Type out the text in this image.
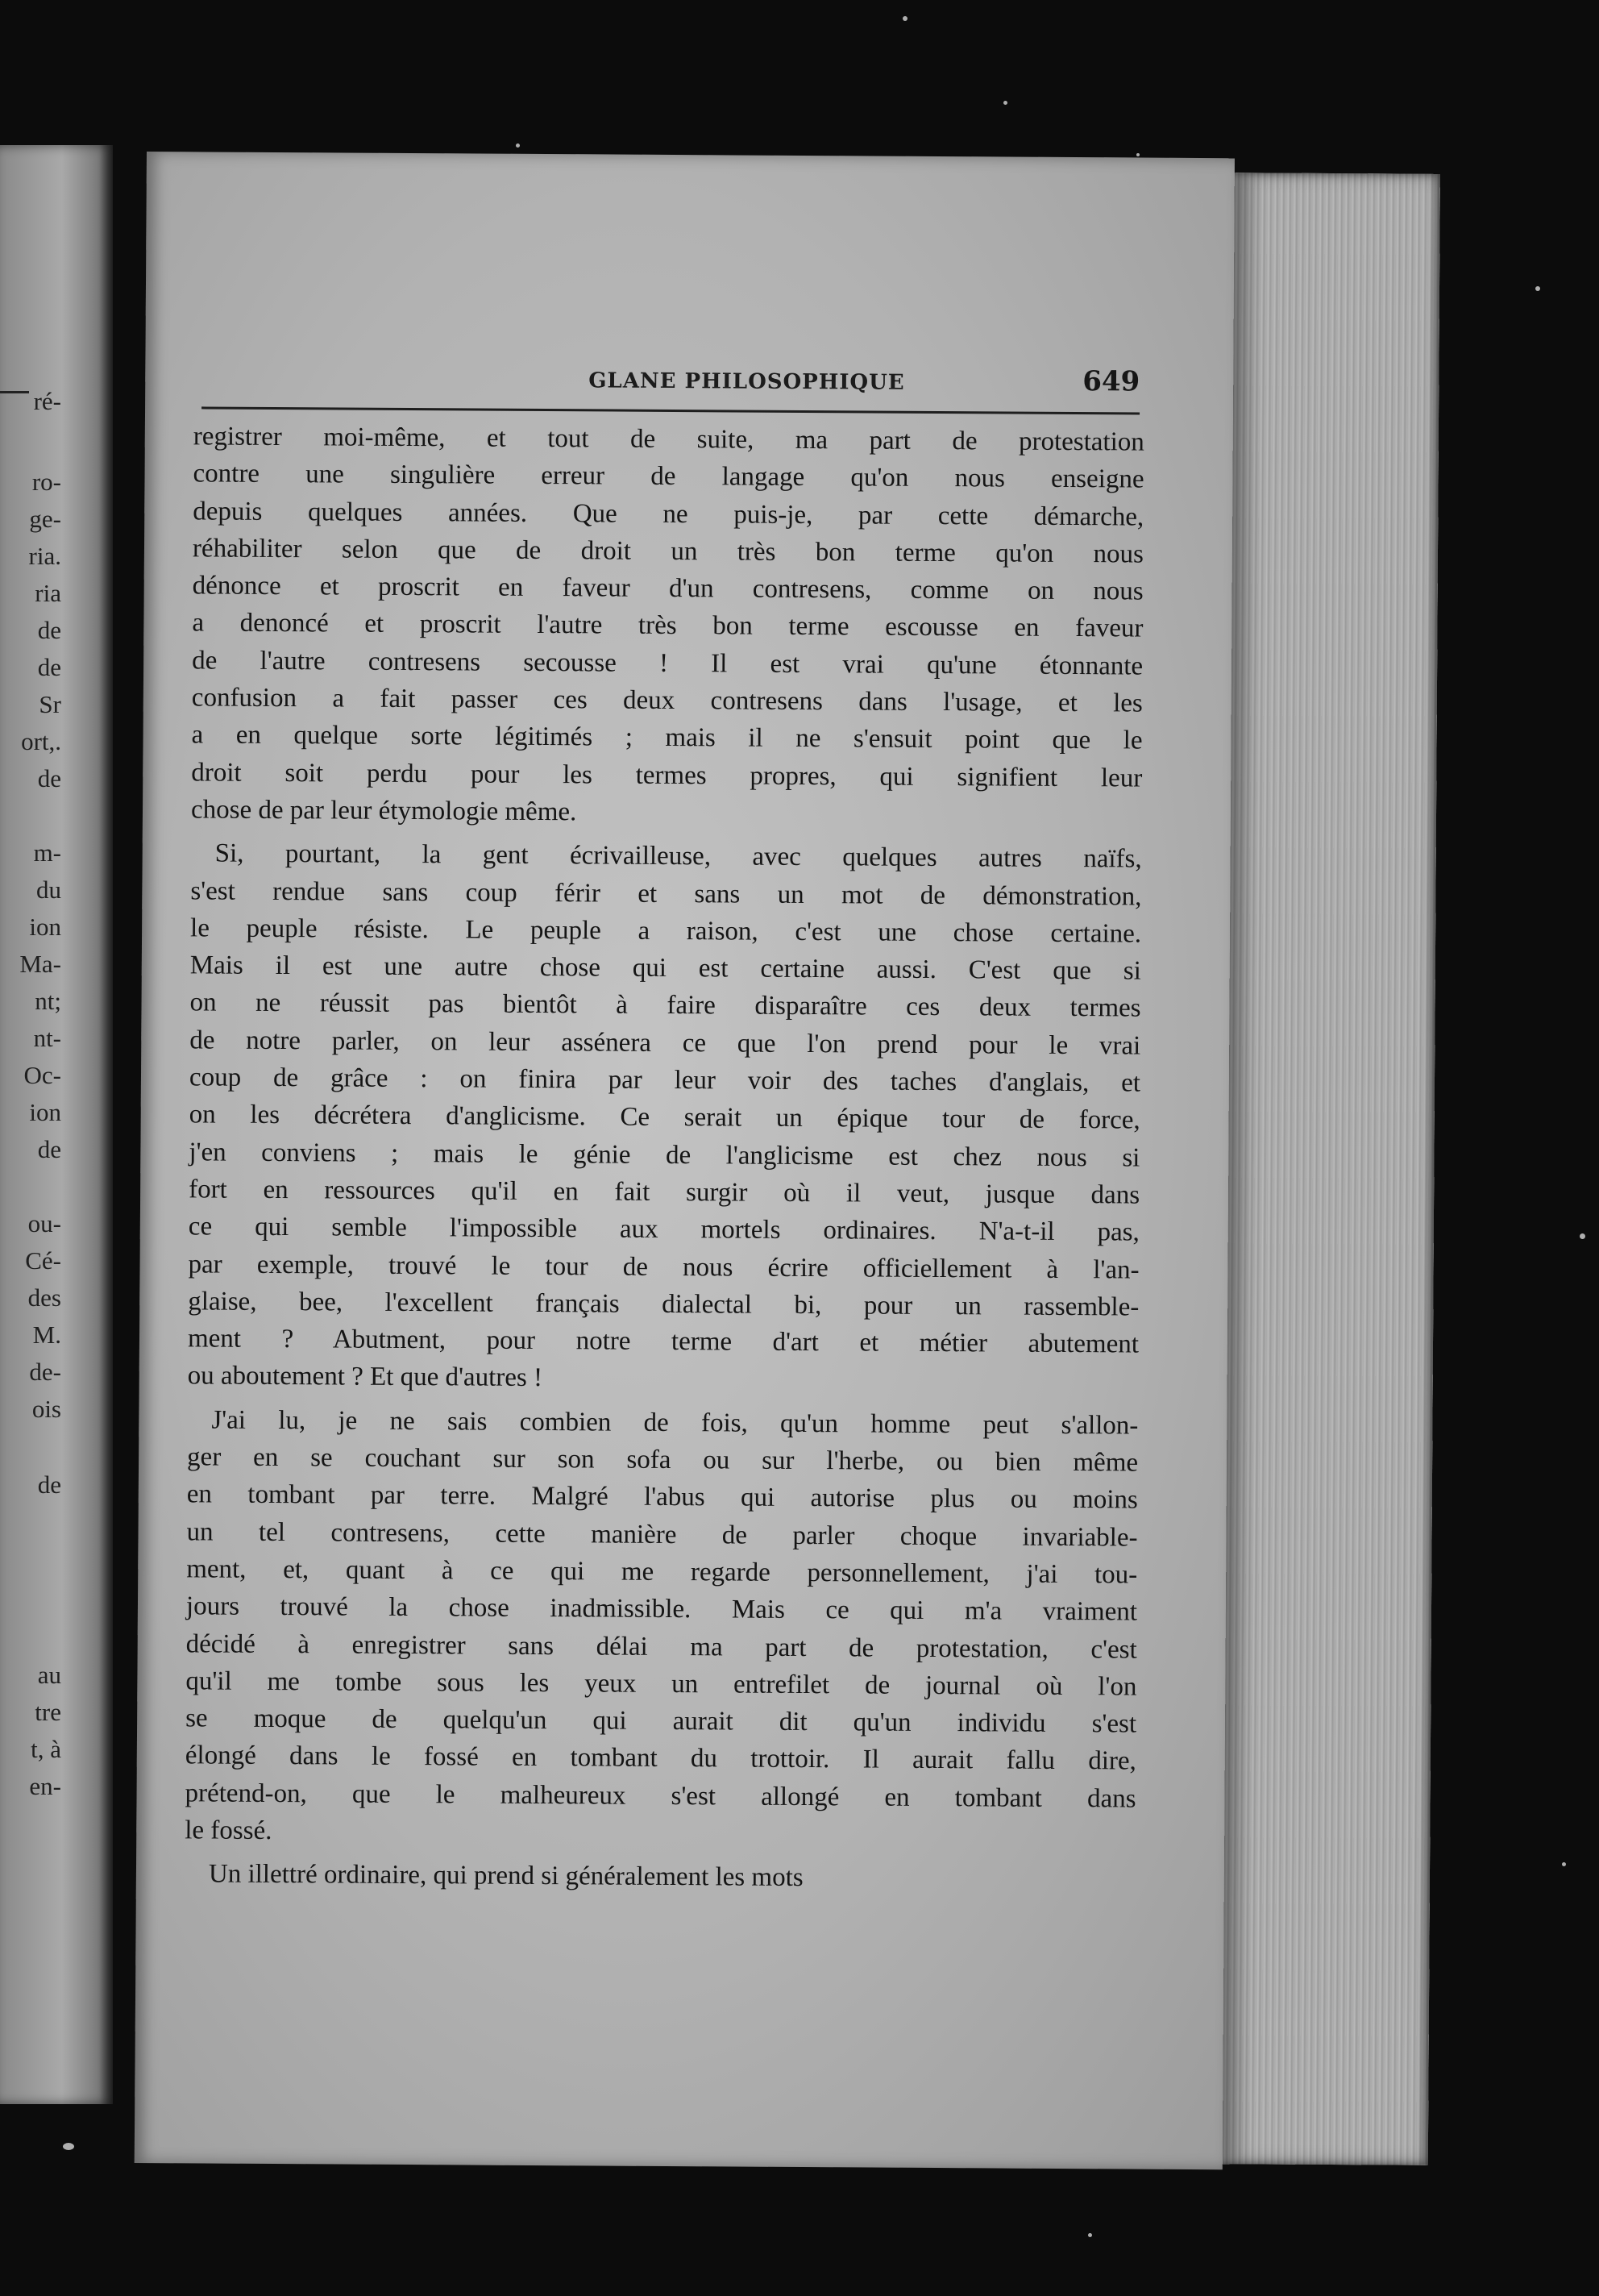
ré-
ro-
ge-
ria.
ria
de
de
Sr
ort,.
de
m-
du
ion
Ma-
nt;
nt-
Oc-
ion
de
ou-
Cé-
des
M.
de-
ois
de
au
tre
t, à
en-
GLANE PHILOSOPHIQUE	649
registrer moi-même, et tout de suite, ma part de protestation
contre une singulière erreur de langage qu'on nous enseigne
depuis quelques années. Que ne puis-je, par cette démarche,
réhabiliter selon que de droit un très bon terme qu'on nous
dénonce et proscrit en faveur d'un contresens, comme on nous
a denoncé et proscrit l'autre très bon terme escousse en faveur
de l'autre contresens secousse ! Il est vrai qu'une étonnante
confusion a fait passer ces deux contresens dans l'usage, et les
a en quelque sorte légitimés ; mais il ne s'ensuit point que le
droit soit perdu pour les termes propres, qui signifient leur
chose de par leur étymologie même.
Si, pourtant, la gent écrivailleuse, avec quelques autres naïfs,
s'est rendue sans coup férir et sans un mot de démonstration,
le peuple résiste. Le peuple a raison, c'est une chose certaine.
Mais il est une autre chose qui est certaine aussi. C'est que si
on ne réussit pas bientôt à faire disparaître ces deux termes
de notre parler, on leur assénera ce que l'on prend pour le vrai
coup de grâce : on finira par leur voir des taches d'anglais, et
on les décrétera d'anglicisme. Ce serait un épique tour de force,
j'en conviens ; mais le génie de l'anglicisme est chez nous si
fort en ressources qu'il en fait surgir où il veut, jusque dans
ce qui semble l'impossible aux mortels ordinaires. N'a-t-il pas,
par exemple, trouvé le tour de nous écrire officiellement à l'an-
glaise, bee, l'excellent français dialectal bi, pour un rassemble-
ment ? Abutment, pour notre terme d'art et métier abutement
ou aboutement ? Et que d'autres !
J'ai lu, je ne sais combien de fois, qu'un homme peut s'allon-
ger en se couchant sur son sofa ou sur l'herbe, ou bien même
en tombant par terre. Malgré l'abus qui autorise plus ou moins
un tel contresens, cette manière de parler choque invariable-
ment, et, quant à ce qui me regarde personnellement, j'ai tou-
jours trouvé la chose inadmissible. Mais ce qui m'a vraiment
décidé à enregistrer sans délai ma part de protestation, c'est
qu'il me tombe sous les yeux un entrefilet de journal où l'on
se moque de quelqu'un qui aurait dit qu'un individu s'est
élongé dans le fossé en tombant du trottoir. Il aurait fallu dire,
prétend-on, que le malheureux s'est allongé en tombant dans
le fossé.
Un illettré ordinaire, qui prend si généralement les mots
